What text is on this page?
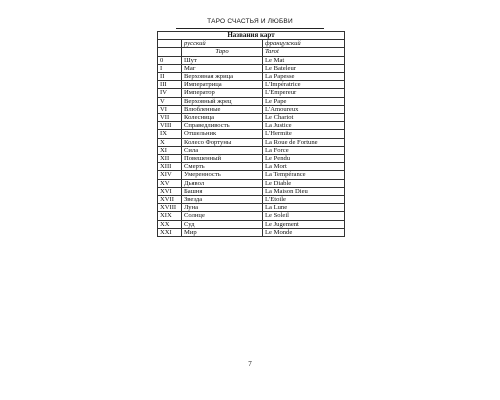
ТАРО СЧАСТЬЯ И ЛЮБВИ
Названия карт		
	русский	французский
	Таро	Tarot
0	Шут	Le Mat
I	Маг	Le Bateleur
II	Верховная жрица	La Papesse
III	Императрица	L'Impératrice
IV	Император	L'Empereur
V	Верховный жрец	Le Pape
VI	Влюбленные	L'Amoureux
VII	Колесница	Le Chariot
VIII	Справедливость	La Justice
IX	Отшельник	L'Hermite
X	Колесо Фортуны	La Roue de Fortune
XI	Сила	La Force
XII	Повешенный	Le Pendu
XIII	Смерть	La Mort
XIV	Умеренность	La Tempérance
XV	Дьявол	Le Diable
XVI	Башня	La Maison Dieu
XVII	Звезда	L'Etoile
XVIII	Луна	La Lune
XIX	Солнце	Le Soleil
XX	Суд	Le Jugement
XXI	Мир	Le Monde
7
